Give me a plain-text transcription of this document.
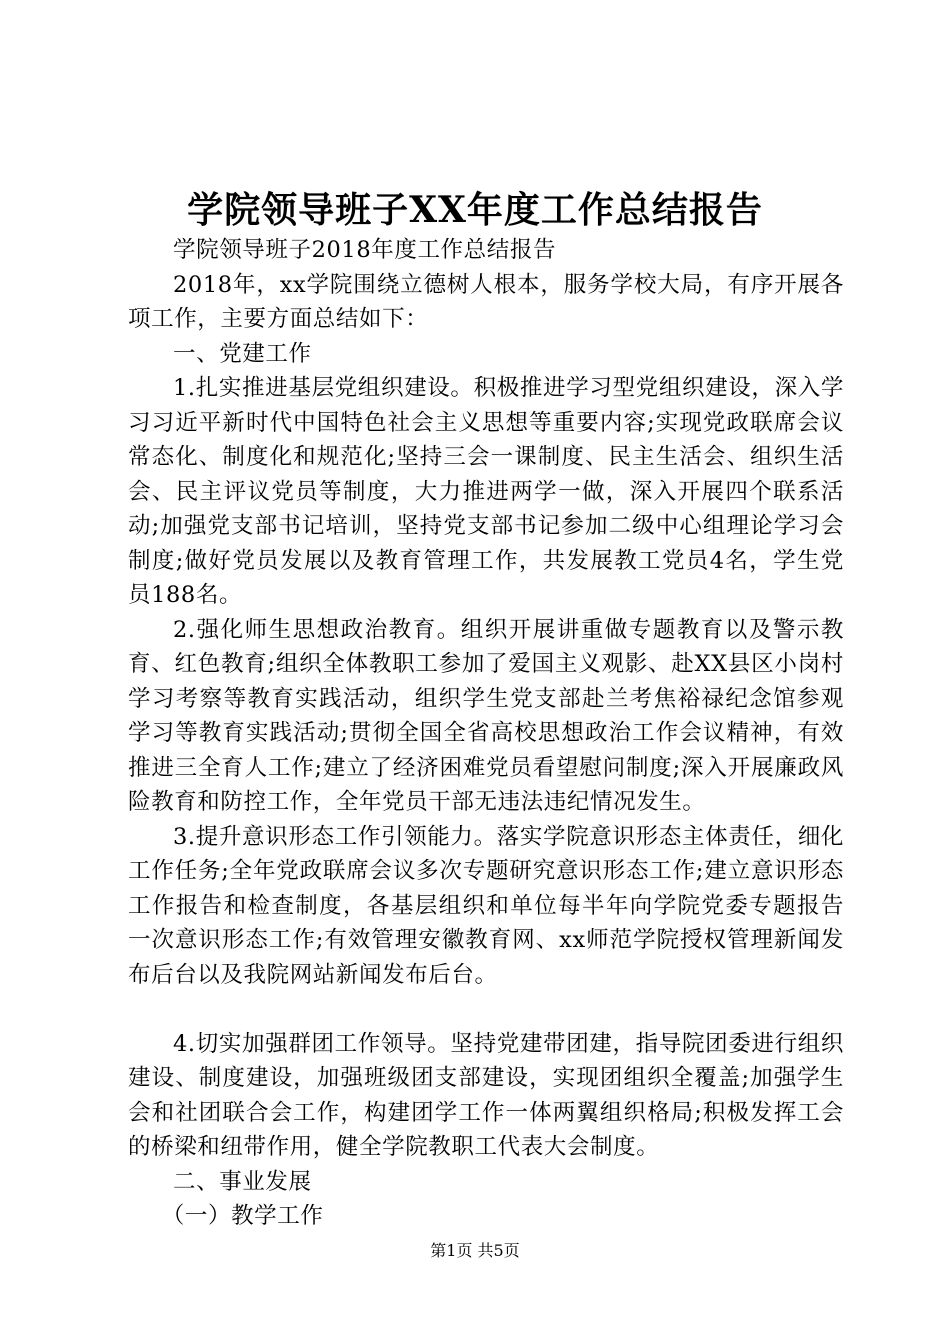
学院领导班子XX年度工作总结报告

学院领导班子2018年度工作总结报告

2018年，xx学院围绕立德树人根本，服务学校大局，有序开展各项工作，主要方面总结如下：

一、党建工作

1.扎实推进基层党组织建设。积极推进学习型党组织建设，深入学习习近平新时代中国特色社会主义思想等重要内容;实现党政联席会议常态化、制度化和规范化;坚持三会一课制度、民主生活会、组织生活会、民主评议党员等制度，大力推进两学一做，深入开展四个联系活动;加强党支部书记培训，坚持党支部书记参加二级中心组理论学习会制度;做好党员发展以及教育管理工作，共发展教工党员4名，学生党员188名。

2.强化师生思想政治教育。组织开展讲重做专题教育以及警示教育、红色教育;组织全体教职工参加了爱国主义观影、赴XX县区小岗村学习考察等教育实践活动，组织学生党支部赴兰考焦裕禄纪念馆参观学习等教育实践活动;贯彻全国全省高校思想政治工作会议精神，有效推进三全育人工作;建立了经济困难党员看望慰问制度;深入开展廉政风险教育和防控工作，全年党员干部无违法违纪情况发生。

3.提升意识形态工作引领能力。落实学院意识形态主体责任，细化工作任务;全年党政联席会议多次专题研究意识形态工作;建立意识形态工作报告和检查制度，各基层组织和单位每半年向学院党委专题报告一次意识形态工作;有效管理安徽教育网、xx师范学院授权管理新闻发布后台以及我院网站新闻发布后台。

4.切实加强群团工作领导。坚持党建带团建，指导院团委进行组织建设、制度建设，加强班级团支部建设，实现团组织全覆盖;加强学生会和社团联合会工作，构建团学工作一体两翼组织格局;积极发挥工会的桥梁和纽带作用，健全学院教职工代表大会制度。

二、事业发展

（一）教学工作

第1页 共5页
